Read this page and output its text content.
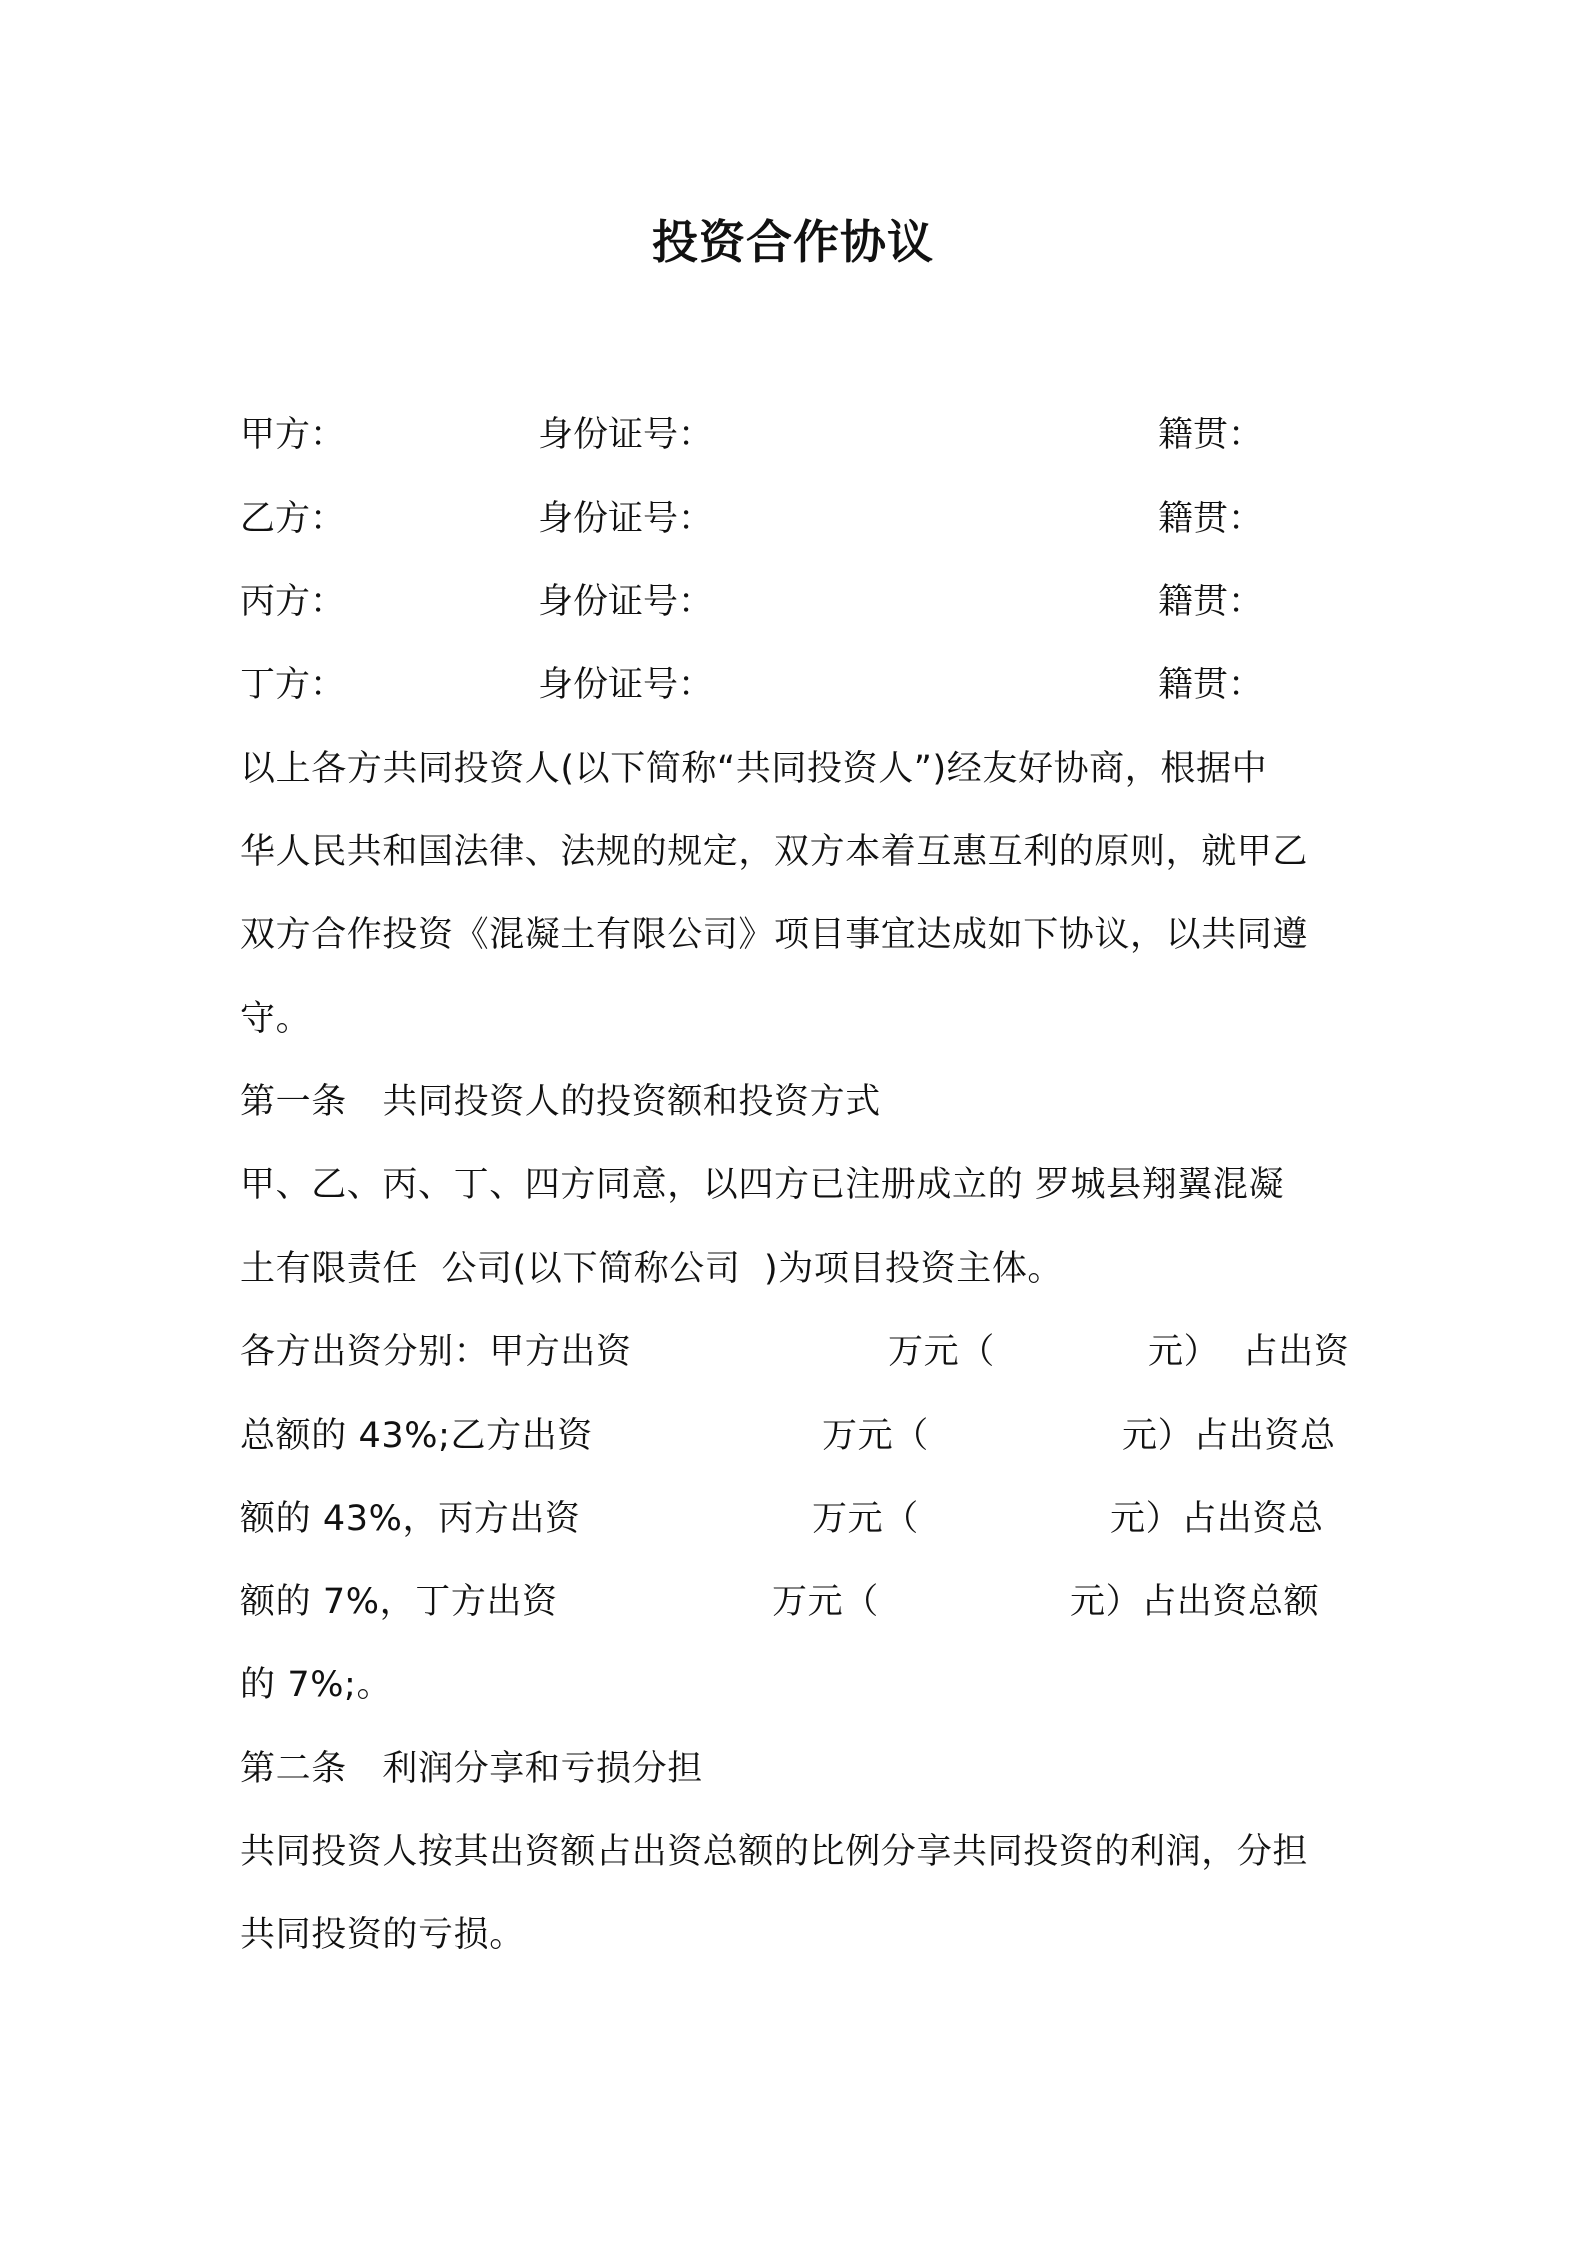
投资合作协议
甲方：	身份证号：	籍贯：
乙方：	身份证号：	籍贯：
丙方：	身份证号：	籍贯：
丁方：	身份证号：	籍贯：
以上各方共同投资人(以下简称“共同投资人”)经友好协商，根据中
华人民共和国法律、法规的规定，双方本着互惠互利的原则，就甲乙
双方合作投资《混凝土有限公司》项目事宜达成如下协议，以共同遵
守。
第一条　共同投资人的投资额和投资方式
甲、乙、丙、丁、四方同意，以四方已注册成立的 罗城县翔翼混凝
土有限责任  公司(以下简称公司  )为项目投资主体。
各方出资分别：甲方出资	万元（	元）  占出资
总额的 43%;乙方出资	万元（	元）占出资总
额的 43%，丙方出资	万元（	元）占出资总
额的 7%，丁方出资	万元（	元）占出资总额
的 7%;。
第二条　利润分享和亏损分担
共同投资人按其出资额占出资总额的比例分享共同投资的利润，分担
共同投资的亏损。
